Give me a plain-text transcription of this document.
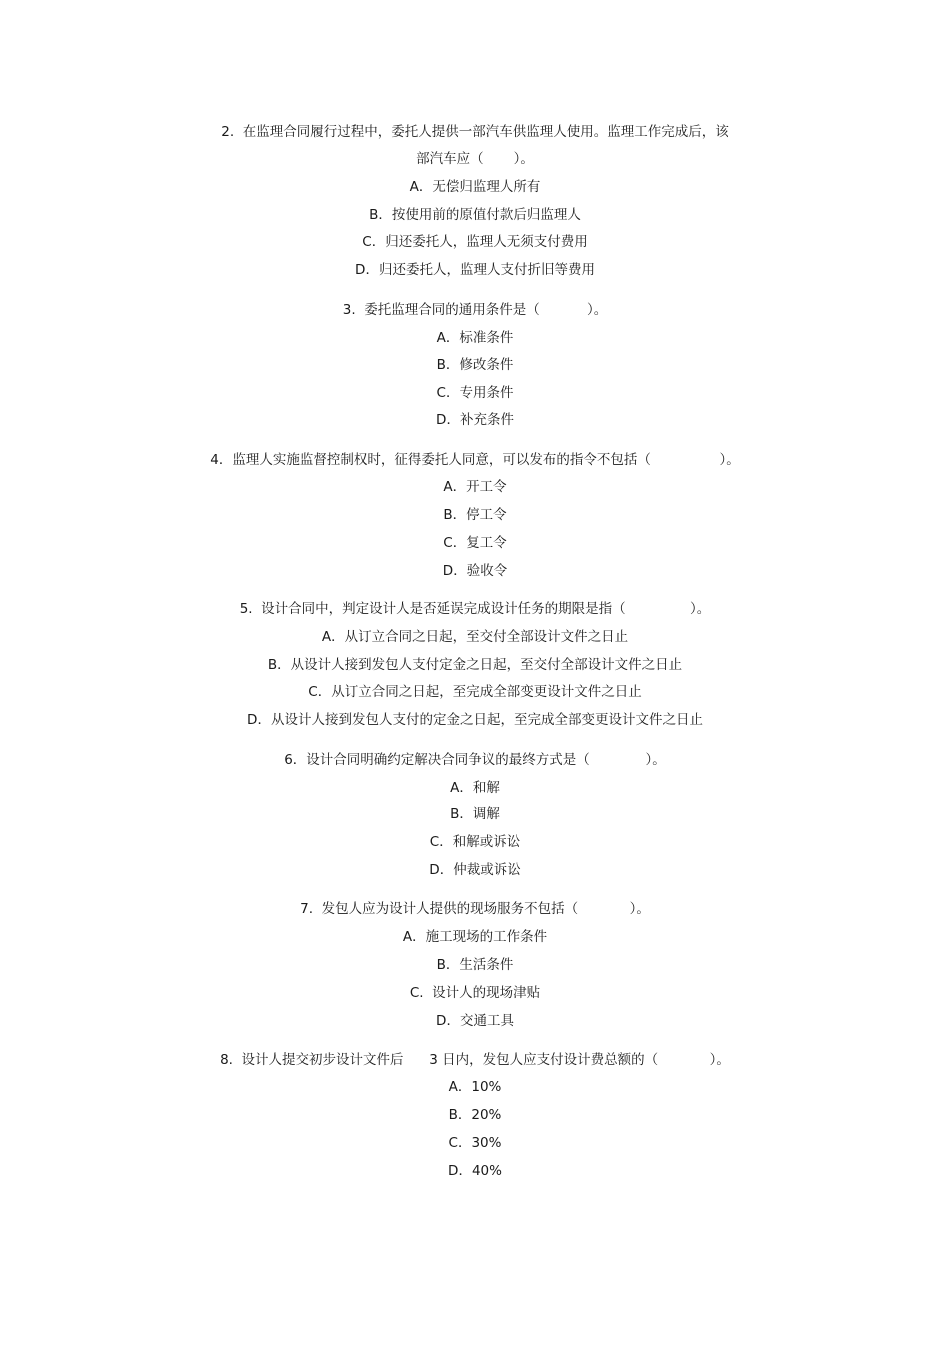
2.  在监理合同履行过程中，委托人提供一部汽车供监理人使用。监理工作完成后，该
部汽车应（       ）。
A．无偿归监理人所有
B．按使用前的原值付款后归监理人
C．归还委托人，监理人无须支付费用
D．归还委托人，监理人支付折旧等费用
3.  委托监理合同的通用条件是（           ）。
A．标准条件
B．修改条件
C．专用条件
D．补充条件
4．监理人实施监督控制权时，征得委托人同意，可以发布的指令不包括（                ）。
A．开工令
B．停工令
C．复工令
D．验收令
5.  设计合同中，判定设计人是否延误完成设计任务的期限是指（               ）。
A．从订立合同之日起，至交付全部设计文件之日止
B．从设计人接到发包人支付定金之日起，至交付全部设计文件之日止
C．从订立合同之日起，至完成全部变更设计文件之日止
D．从设计人接到发包人支付的定金之日起，至完成全部变更设计文件之日止
6．设计合同明确约定解决合同争议的最终方式是（             ）。
A．和解
B．调解
C．和解或诉讼
D．仲裁或诉讼
7.  发包人应为设计人提供的现场服务不包括（            ）。
A．施工现场的工作条件
B．生活条件
C.  设计人的现场津贴
D．交通工具
8.  设计人提交初步设计文件后      3 日内，发包人应支付设计费总额的（            ）。
A．10%
B．20%
C．30%
D．40%
